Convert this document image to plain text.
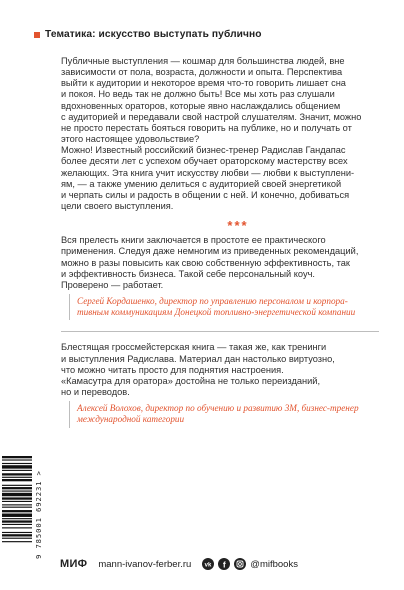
Тематика: искусство выступать публично

Публичные выступления — кошмар для большинства людей, вне
зависимости от пола, возраста, должности и опыта. Перспектива
выйти к аудитории и некоторое время что-то говорить лишает сна
и покоя. Но ведь так не должно быть! Все мы хоть раз слушали
вдохновенных ораторов, которые явно наслаждались общением
с аудиторией и передавали свой настрой слушателям. Значит, можно
не просто перестать бояться говорить на публике, но и получать от
этого настоящее удовольствие?
Можно! Известный российский бизнес-тренер Радислав Гандапас
более десяти лет с успехом обучает ораторскому мастерству всех
желающих. Эта книга учит искусству любви — любви к выступлени-
ям, — а также умению делиться с аудиторией своей энергетикой
и черпать силы и радость в общении с ней. И конечно, добиваться
цели своего выступления.

***

Вся прелесть книги заключается в простоте ее практического
применения. Следуя даже немногим из приведенных рекомендаций,
можно в разы повысить как свою собственную эффективность, так
и эффективность бизнеса. Такой себе персональный коуч.
Проверено — работает.

Сергей Кордашенко, директор по управлению персоналом и корпора-
тивным коммуникациям Донецкой топливно-энергетической компании

Блестящая гроссмейстерская книга — такая же, как тренинги
и выступления Радислава. Материал дан настолько виртуозно,
что можно читать просто для поднятия настроения.
«Камасутра для оратора» достойна не только переизданий,
но и переводов.

Алексей Волохов, директор по обучению и развитию 3М, бизнес-тренер
международной категории
9 785001 692231 >
МИФ mann-ivanov-ferber.ru vk f	@mifbooks
